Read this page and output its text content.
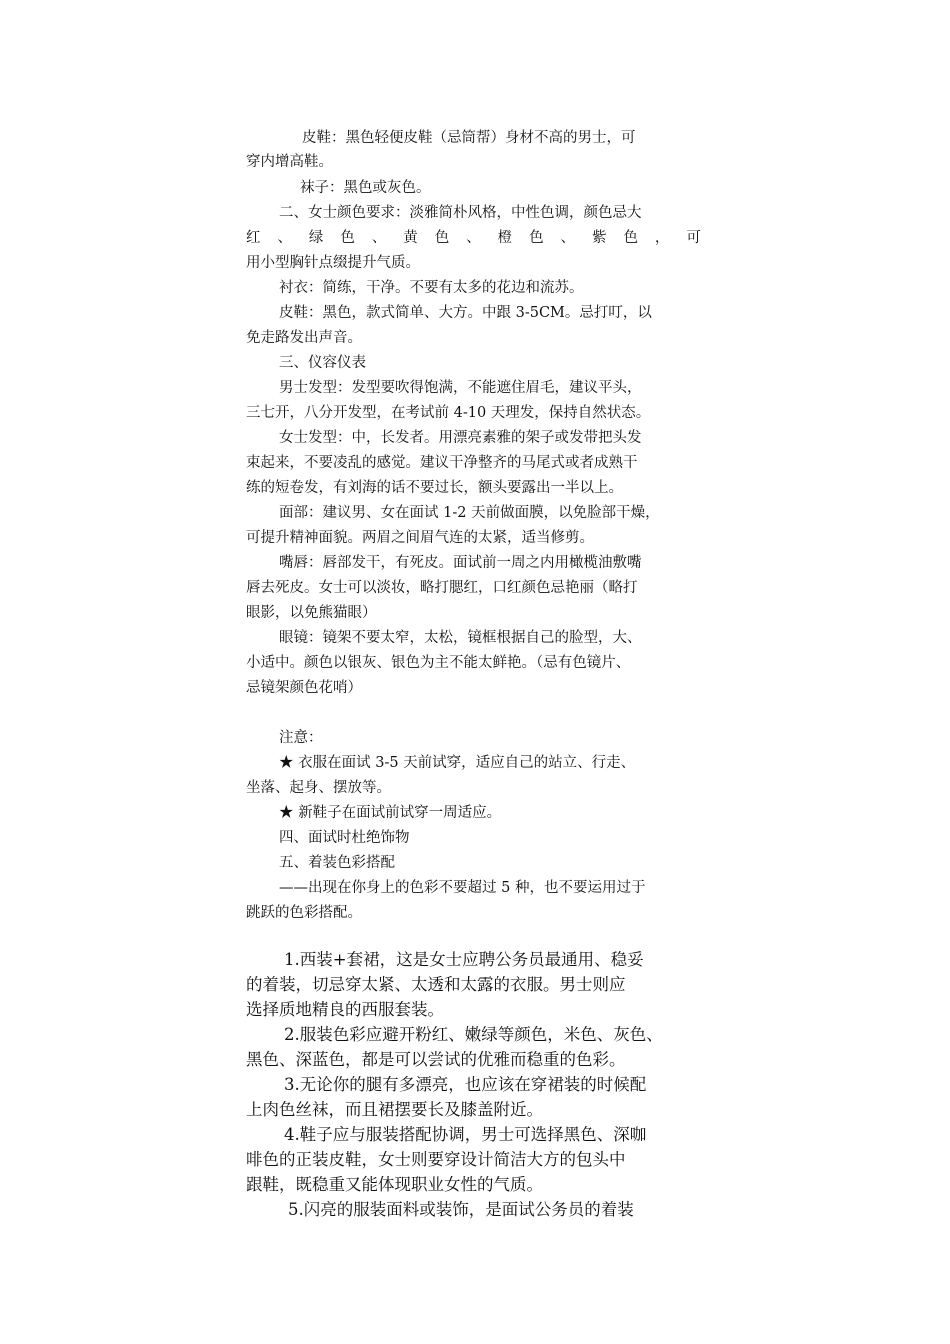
皮鞋：黑色轻便皮鞋（忌筒帮）身材不高的男士，可
穿内增高鞋。
袜子：黑色或灰色。
二、女士颜色要求：淡雅简朴风格，中性色调，颜色忌大
红 、 绿 色 、 黄 色 、 橙 色 、 紫 色 ， 可
用小型胸针点缀提升气质。
衬衣：简练，干净。不要有太多的花边和流苏。
皮鞋：黑色，款式简单、大方。中跟 3-5CM。忌打叮，以
免走路发出声音。
三、仪容仪表
男士发型：发型要吹得饱满，不能遮住眉毛，建议平头，
三七开，八分开发型，在考试前 4-10 天理发，保持自然状态。
女士发型：中，长发者。用漂亮素雅的架子或发带把头发
束起来，不要凌乱的感觉。建议干净整齐的马尾式或者成熟干
练的短卷发，有刘海的话不要过长，额头要露出一半以上。
面部：建议男、女在面试 1-2 天前做面膜，以免脸部干燥，
可提升精神面貌。两眉之间眉气连的太紧，适当修剪。
嘴唇：唇部发干，有死皮。面试前一周之内用橄榄油敷嘴
唇去死皮。女士可以淡妆，略打腮红，口红颜色忌艳丽（略打
眼影，以免熊猫眼）
眼镜：镜架不要太窄，太松，镜框根据自己的脸型，大、
小适中。颜色以银灰、银色为主不能太鲜艳。（忌有色镜片、
忌镜架颜色花哨）
注意：
★ 衣服在面试 3-5 天前试穿，适应自己的站立、行走、
坐落、起身、摆放等。
★ 新鞋子在面试前试穿一周适应。
四、面试时杜绝饰物
五、着装色彩搭配
——出现在你身上的色彩不要超过 5 种，也不要运用过于
跳跃的色彩搭配。
1.西装+套裙，这是女士应聘公务员最通用、稳妥
的着装，切忌穿太紧、太透和太露的衣服。男士则应
选择质地精良的西服套装。
2.服装色彩应避开粉红、嫩绿等颜色，米色、灰色、
黑色、深蓝色，都是可以尝试的优雅而稳重的色彩。
3.无论你的腿有多漂亮，也应该在穿裙装的时候配
上肉色丝袜，而且裙摆要长及膝盖附近。
4.鞋子应与服装搭配协调，男士可选择黑色、深咖
啡色的正装皮鞋，女士则要穿设计简洁大方的包头中
跟鞋，既稳重又能体现职业女性的气质。
5.闪亮的服装面料或装饰，是面试公务员的着装
